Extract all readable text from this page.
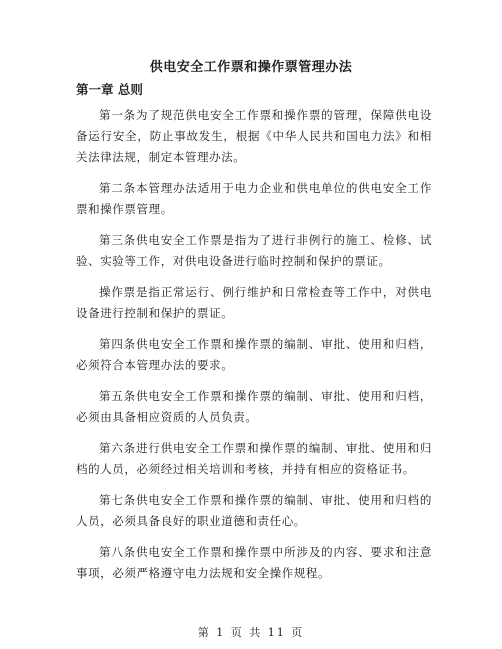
供电安全工作票和操作票管理办法
第一章 总则

第一条为了规范供电安全工作票和操作票的管理，保障供电设备运行安全，防止事故发生，根据《中华人民共和国电力法》和相关法律法规，制定本管理办法。

第二条本管理办法适用于电力企业和供电单位的供电安全工作票和操作票管理。

第三条供电安全工作票是指为了进行非例行的施工、检修、试验、实验等工作，对供电设备进行临时控制和保护的票证。

操作票是指正常运行、例行维护和日常检查等工作中，对供电设备进行控制和保护的票证。

第四条供电安全工作票和操作票的编制、审批、使用和归档，必须符合本管理办法的要求。

第五条供电安全工作票和操作票的编制、审批、使用和归档，必须由具备相应资质的人员负责。

第六条进行供电安全工作票和操作票的编制、审批、使用和归档的人员，必须经过相关培训和考核，并持有相应的资格证书。

第七条供电安全工作票和操作票的编制、审批、使用和归档的人员，必须具备良好的职业道德和责任心。

第八条供电安全工作票和操作票中所涉及的内容、要求和注意事项，必须严格遵守电力法规和安全操作规程。

第 1 页 共 11 页
